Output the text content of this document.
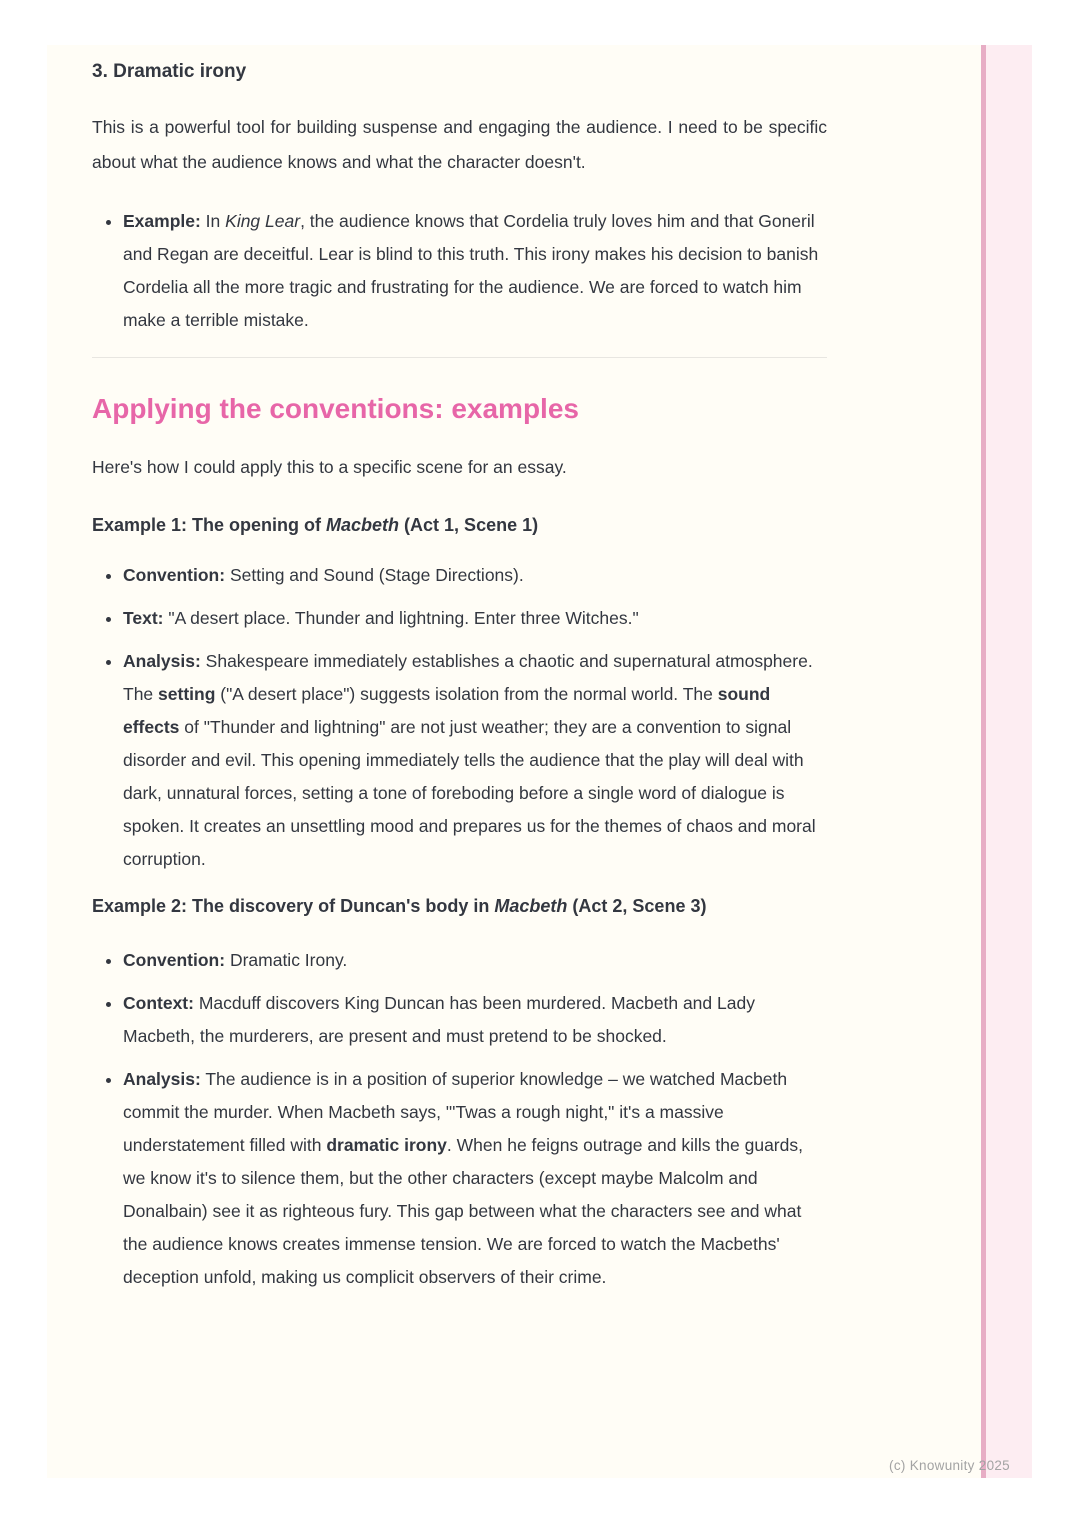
3. Dramatic irony

This is a powerful tool for building suspense and engaging the audience. I need to be specific about what the audience knows and what the character doesn't.

• Example: In King Lear, the audience knows that Cordelia truly loves him and that Goneril and Regan are deceitful. Lear is blind to this truth. This irony makes his decision to banish Cordelia all the more tragic and frustrating for the audience. We are forced to watch him make a terrible mistake.
Applying the conventions: examples

Here's how I could apply this to a specific scene for an essay.

Example 1: The opening of Macbeth (Act 1, Scene 1)
• Convention: Setting and Sound (Stage Directions).
• Text: "A desert place. Thunder and lightning. Enter three Witches."
• Analysis: Shakespeare immediately establishes a chaotic and supernatural atmosphere. The setting ("A desert place") suggests isolation from the normal world. The sound effects of "Thunder and lightning" are not just weather; they are a convention to signal disorder and evil. This opening immediately tells the audience that the play will deal with dark, unnatural forces, setting a tone of foreboding before a single word of dialogue is spoken. It creates an unsettling mood and prepares us for the themes of chaos and moral corruption.
Example 2: The discovery of Duncan's body in Macbeth (Act 2, Scene 3)
• Convention: Dramatic Irony.
• Context: Macduff discovers King Duncan has been murdered. Macbeth and Lady Macbeth, the murderers, are present and must pretend to be shocked.
• Analysis: The audience is in a position of superior knowledge – we watched Macbeth commit the murder. When Macbeth says, "'Twas a rough night," it's a massive understatement filled with dramatic irony. When he feigns outrage and kills the guards, we know it's to silence them, but the other characters (except maybe Malcolm and Donalbain) see it as righteous fury. This gap between what the characters see and what the audience knows creates immense tension. We are forced to watch the Macbeths' deception unfold, making us complicit observers of their crime.
(c) Knowunity 2025
